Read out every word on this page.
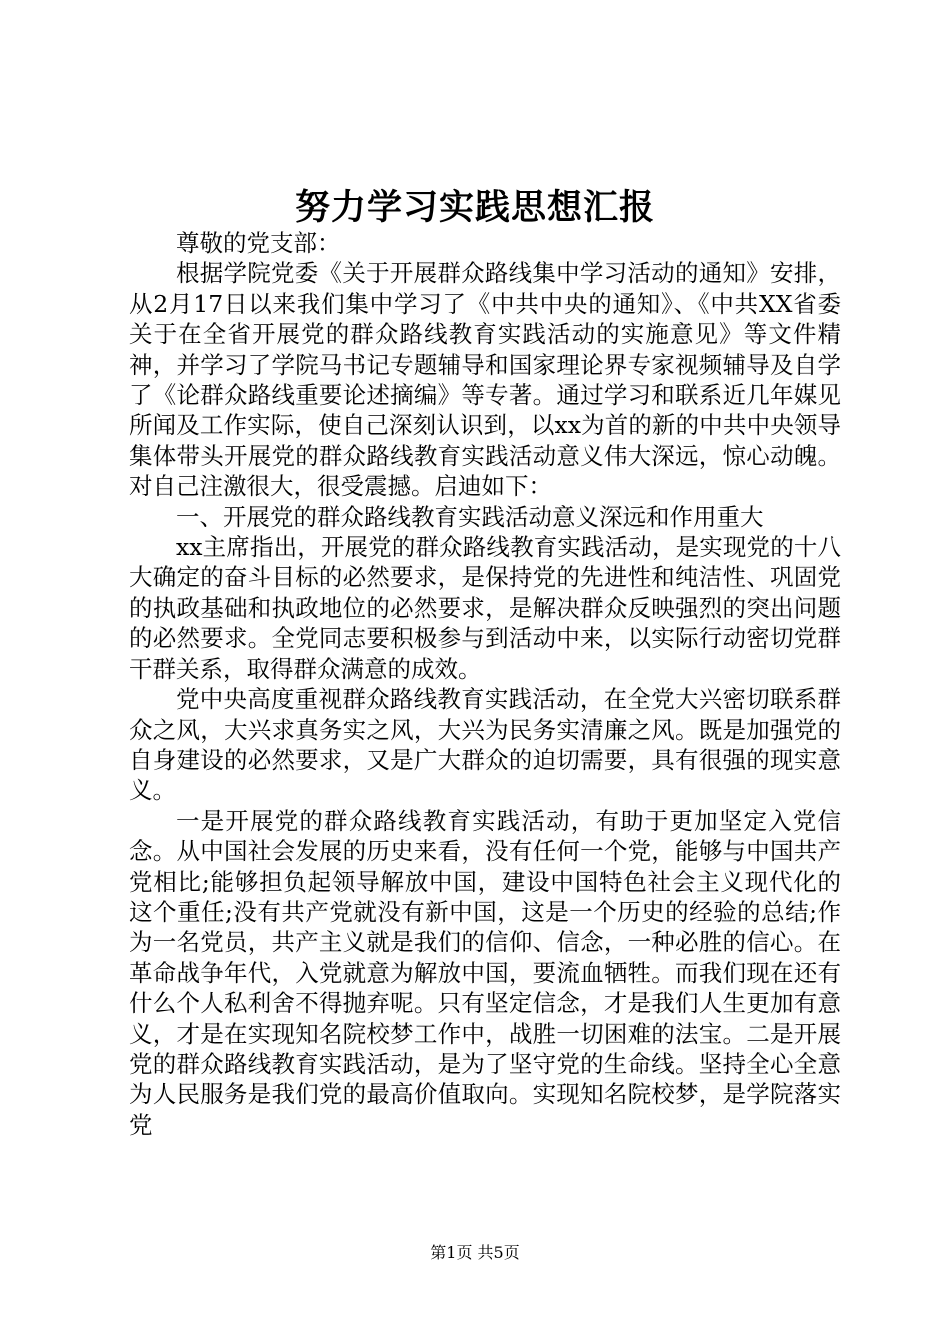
努力学习实践思想汇报

尊敬的党支部：

根据学院党委《关于开展群众路线集中学习活动的通知》安排，从2月17日以来我们集中学习了《中共中央的通知》、《中共XX省委关于在全省开展党的群众路线教育实践活动的实施意见》等文件精神，并学习了学院马书记专题辅导和国家理论界专家视频辅导及自学了《论群众路线重要论述摘编》等专著。通过学习和联系近几年媒见所闻及工作实际，使自己深刻认识到，以xx为首的新的中共中央领导集体带头开展党的群众路线教育实践活动意义伟大深远，惊心动魄。对自己注激很大，很受震撼。启迪如下：

一、开展党的群众路线教育实践活动意义深远和作用重大

xx主席指出，开展党的群众路线教育实践活动，是实现党的十八大确定的奋斗目标的必然要求，是保持党的先进性和纯洁性、巩固党的执政基础和执政地位的必然要求，是解决群众反映强烈的突出问题的必然要求。全党同志要积极参与到活动中来，以实际行动密切党群干群关系，取得群众满意的成效。

党中央高度重视群众路线教育实践活动，在全党大兴密切联系群众之风，大兴求真务实之风，大兴为民务实清廉之风。既是加强党的自身建设的必然要求，又是广大群众的迫切需要，具有很强的现实意义。

一是开展党的群众路线教育实践活动，有助于更加坚定入党信念。从中国社会发展的历史来看，没有任何一个党，能够与中国共产党相比;能够担负起领导解放中国，建设中国特色社会主义现代化的这个重任;没有共产党就没有新中国，这是一个历史的经验的总结;作为一名党员，共产主义就是我们的信仰、信念，一种必胜的信心。在革命战争年代，入党就意为解放中国，要流血牺牲。而我们现在还有什么个人私利舍不得抛弃呢。只有坚定信念，才是我们人生更加有意义，才是在实现知名院校梦工作中，战胜一切困难的法宝。二是开展党的群众路线教育实践活动，是为了坚守党的生命线。坚持全心全意为人民服务是我们党的最高价值取向。实现知名院校梦，是学院落实党

第1页 共5页
